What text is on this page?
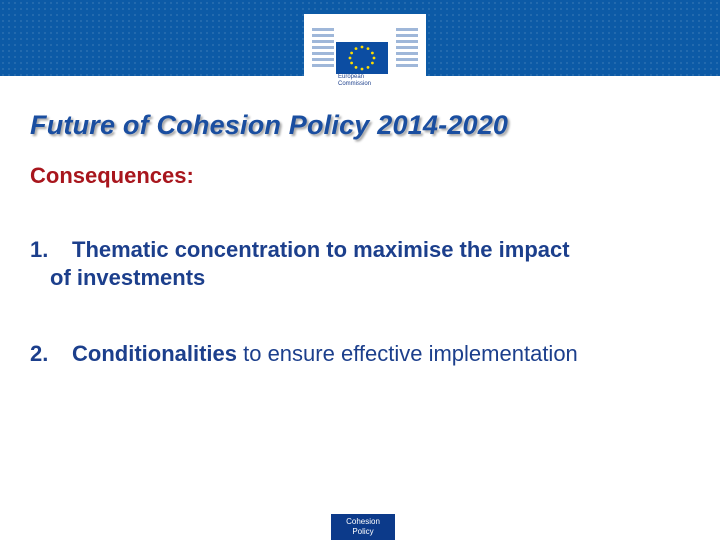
European
Commission
Future of Cohesion Policy 2014-2020
Consequences:
1. Thematic concentration to maximise the impact
of investments
2. Conditionalities to ensure effective implementation
Cohesion
Policy
